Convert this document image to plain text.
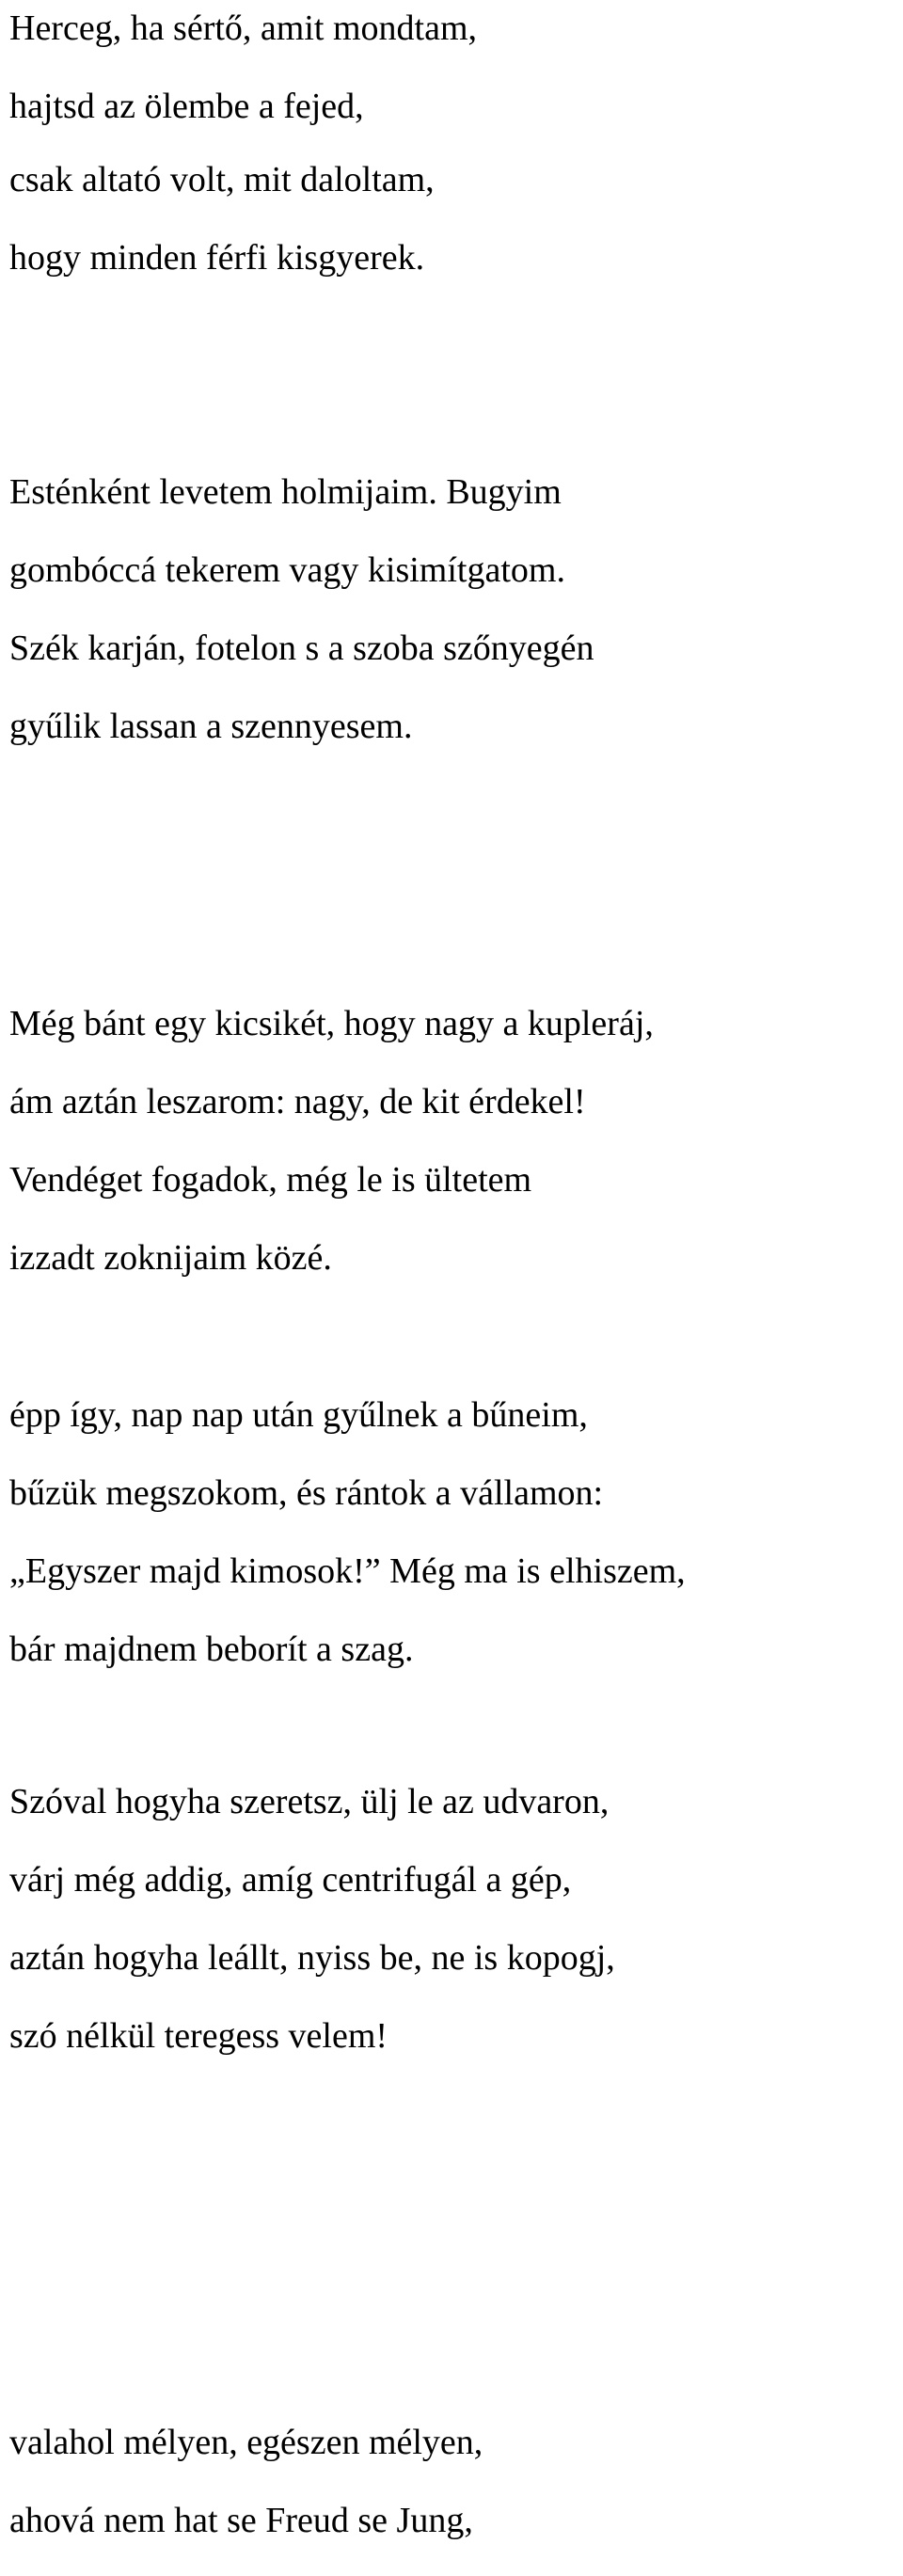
Herceg, ha sértő, amit mondtam,
hajtsd az ölembe a fejed,
csak altató volt, mit daloltam,
hogy minden férfi kisgyerek.
Esténként levetem holmijaim. Bugyim
gombóccá tekerem vagy kisimítgatom.
Szék karján, fotelon s a szoba szőnyegén
gyűlik lassan a szennyesem.
Még bánt egy kicsikét, hogy nagy a kupleráj,
ám aztán leszarom: nagy, de kit érdekel!
Vendéget fogadok, még le is ültetem
izzadt zoknijaim közé.
épp így, nap nap után gyűlnek a bűneim,
bűzük megszokom, és rántok a vállamon:
„Egyszer majd kimosok!” Még ma is elhiszem,
bár majdnem beborít a szag.
Szóval hogyha szeretsz, ülj le az udvaron,
várj még addig, amíg centrifugál a gép,
aztán hogyha leállt, nyiss be, ne is kopogj,
szó nélkül teregess velem!
valahol mélyen, egészen mélyen,
ahová nem hat se Freud se Jung,
